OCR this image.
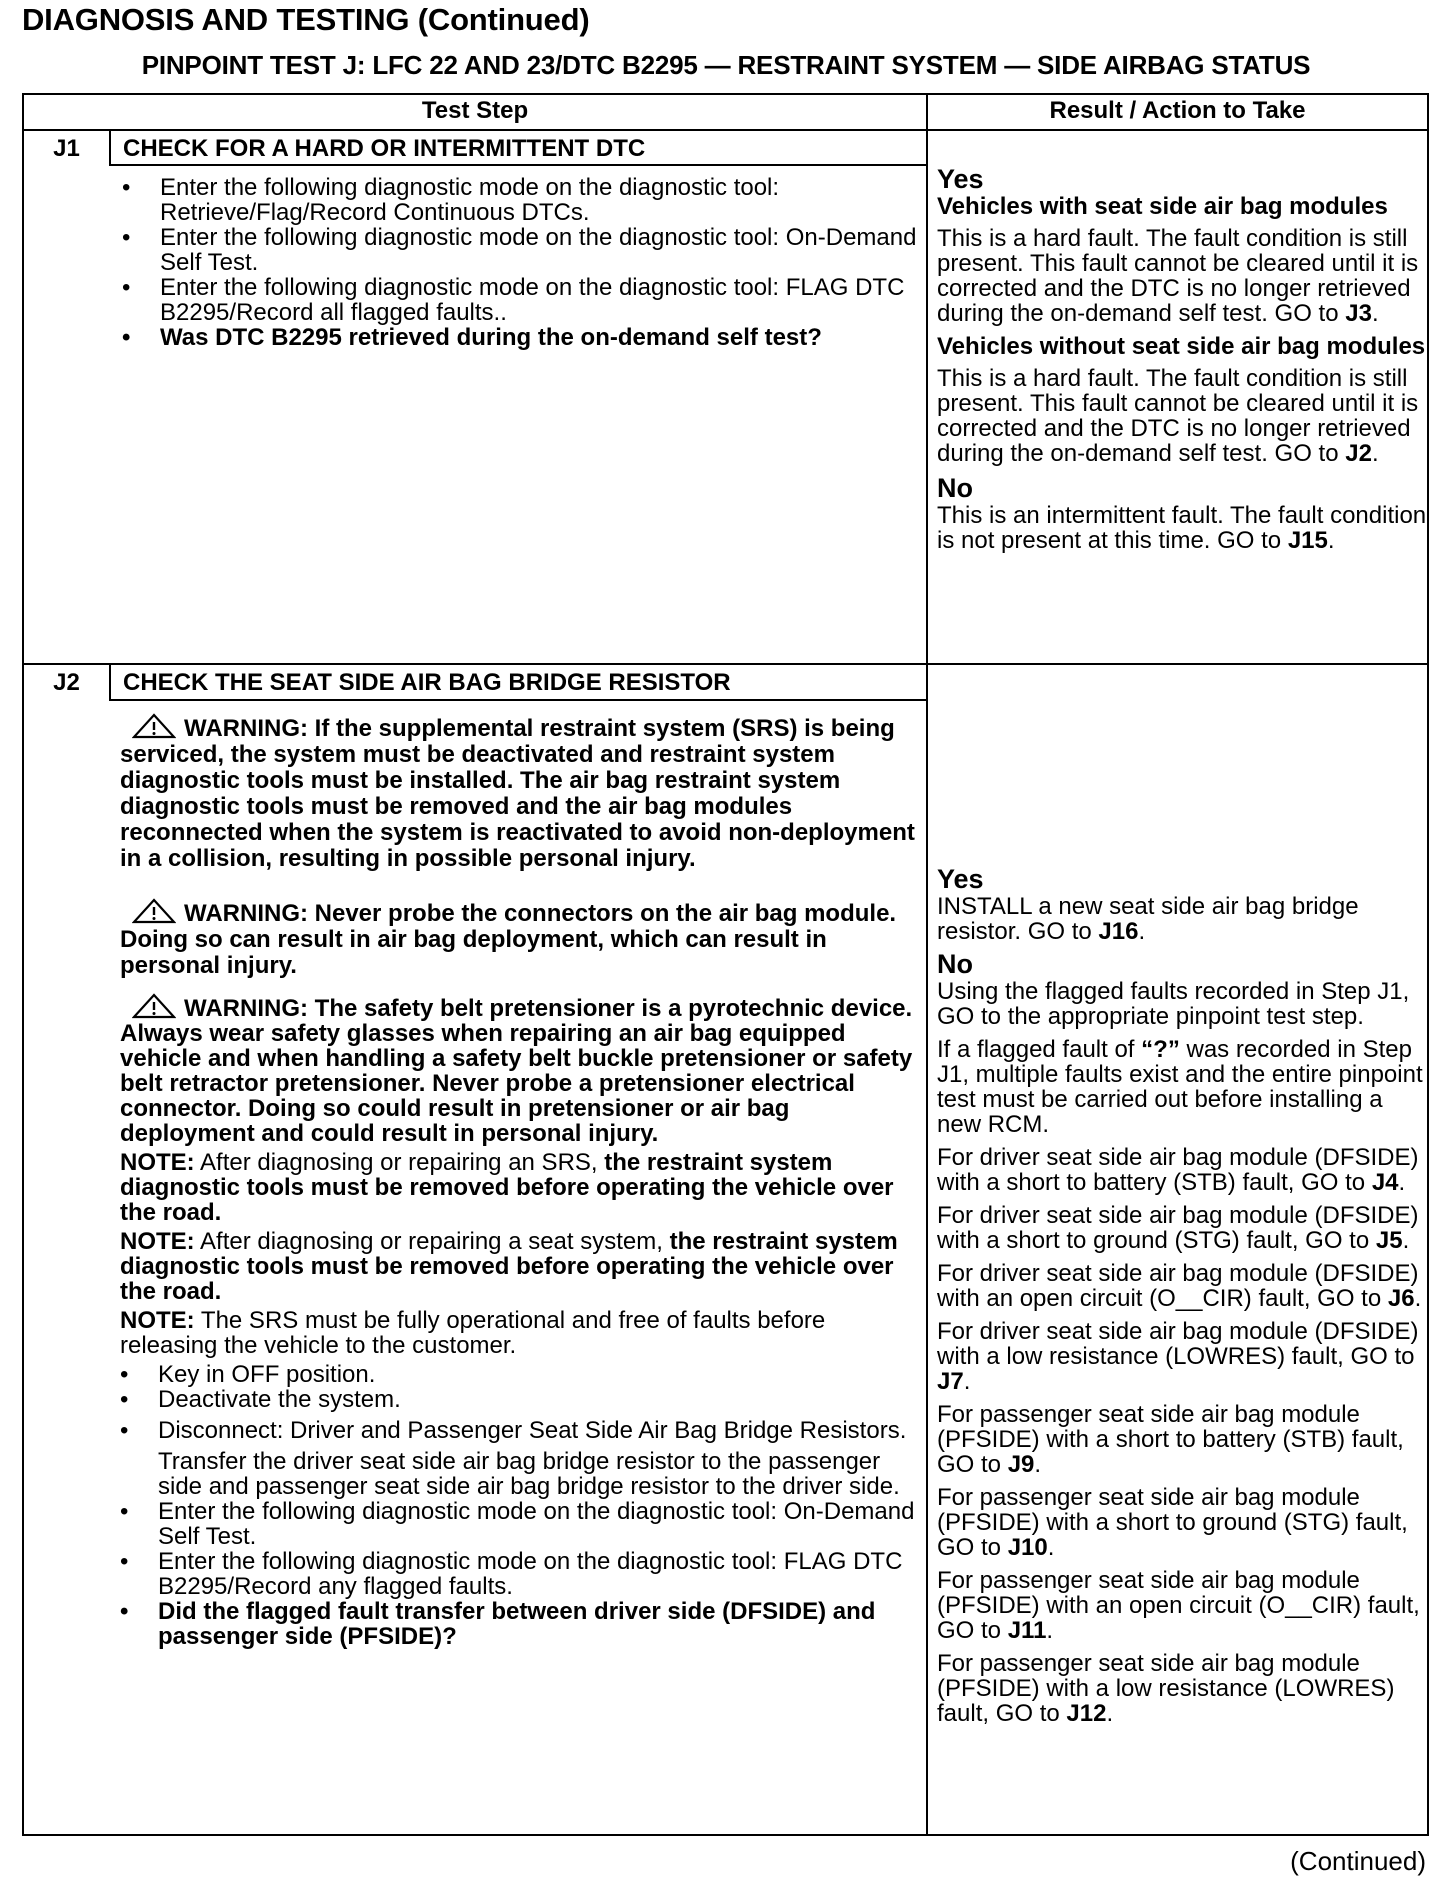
DIAGNOSIS AND TESTING (Continued)
PINPOINT TEST J: LFC 22 AND 23/DTC B2295 — RESTRAINT SYSTEM — SIDE AIRBAG STATUS
Test Step	Result / Action to Take
J1	CHECK FOR A HARD OR INTERMITTENT DTC
• Enter the following diagnostic mode on the diagnostic tool: Retrieve/Flag/Record Continuous DTCs.
• Enter the following diagnostic mode on the diagnostic tool: On-Demand Self Test.
• Enter the following diagnostic mode on the diagnostic tool: FLAG DTC B2295/Record all flagged faults..
• Was DTC B2295 retrieved during the on-demand self test?
Yes
Vehicles with seat side air bag modules
This is a hard fault. The fault condition is still present. This fault cannot be cleared until it is corrected and the DTC is no longer retrieved during the on-demand self test. GO to J3.
Vehicles without seat side air bag modules
This is a hard fault. The fault condition is still present. This fault cannot be cleared until it is corrected and the DTC is no longer retrieved during the on-demand self test. GO to J2.
No
This is an intermittent fault. The fault condition is not present at this time. GO to J15.
J2	CHECK THE SEAT SIDE AIR BAG BRIDGE RESISTOR
WARNING: If the supplemental restraint system (SRS) is being serviced, the system must be deactivated and restraint system diagnostic tools must be installed. The air bag restraint system diagnostic tools must be removed and the air bag modules reconnected when the system is reactivated to avoid non-deployment in a collision, resulting in possible personal injury.
WARNING: Never probe the connectors on the air bag module. Doing so can result in air bag deployment, which can result in personal injury.
WARNING: The safety belt pretensioner is a pyrotechnic device. Always wear safety glasses when repairing an air bag equipped vehicle and when handling a safety belt buckle pretensioner or safety belt retractor pretensioner. Never probe a pretensioner electrical connector. Doing so could result in pretensioner or air bag deployment and could result in personal injury.
NOTE: After diagnosing or repairing an SRS, the restraint system diagnostic tools must be removed before operating the vehicle over the road.
NOTE: After diagnosing or repairing a seat system, the restraint system diagnostic tools must be removed before operating the vehicle over the road.
NOTE: The SRS must be fully operational and free of faults before releasing the vehicle to the customer.
• Key in OFF position.
• Deactivate the system.
• Disconnect: Driver and Passenger Seat Side Air Bag Bridge Resistors.
Transfer the driver seat side air bag bridge resistor to the passenger side and passenger seat side air bag bridge resistor to the driver side.
• Enter the following diagnostic mode on the diagnostic tool: On-Demand Self Test.
• Enter the following diagnostic mode on the diagnostic tool: FLAG DTC B2295/Record any flagged faults.
• Did the flagged fault transfer between driver side (DFSIDE) and passenger side (PFSIDE)?
Yes
INSTALL a new seat side air bag bridge resistor. GO to J16.
No
Using the flagged faults recorded in Step J1, GO to the appropriate pinpoint test step.
If a flagged fault of “?” was recorded in Step J1, multiple faults exist and the entire pinpoint test must be carried out before installing a new RCM.
For driver seat side air bag module (DFSIDE) with a short to battery (STB) fault, GO to J4.
For driver seat side air bag module (DFSIDE) with a short to ground (STG) fault, GO to J5.
For driver seat side air bag module (DFSIDE) with an open circuit (O__CIR) fault, GO to J6.
For driver seat side air bag module (DFSIDE) with a low resistance (LOWRES) fault, GO to J7.
For passenger seat side air bag module (PFSIDE) with a short to battery (STB) fault, GO to J9.
For passenger seat side air bag module (PFSIDE) with a short to ground (STG) fault, GO to J10.
For passenger seat side air bag module (PFSIDE) with an open circuit (O__CIR) fault, GO to J11.
For passenger seat side air bag module (PFSIDE) with a low resistance (LOWRES) fault, GO to J12.
(Continued)
